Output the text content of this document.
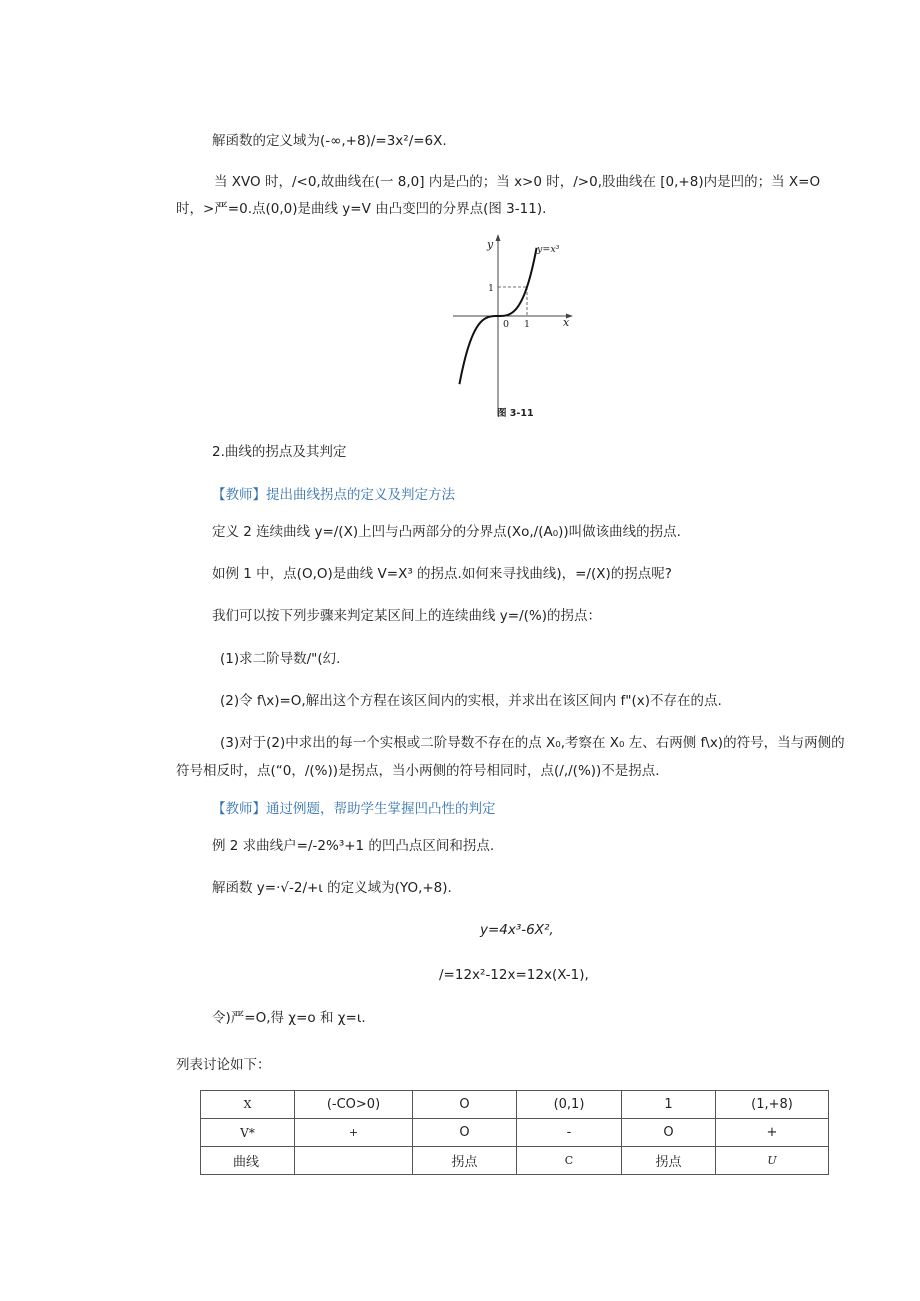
解函数的定义域为(-∞,+8)∕=3x²∕=6X.
当 XVO 时，/<0,故曲线在(一 8,0] 内是凸的；当 x>0 时，/>0,股曲线在 [0,+8)内是凹的；当 X=O
时，>严=0.点(0,0)是曲线 y=V 由凸变凹的分界点(图 3-11).
y
x
y=x³
1
0 1
图 3-11
2.曲线的拐点及其判定
【教师】提出曲线拐点的定义及判定方法
定义 2 连续曲线 y=/(X)上凹与凸两部分的分界点(Xo,/(A₀))叫做该曲线的拐点.
如例 1 中，点(O,O)是曲线 V=X³ 的拐点.如何来寻找曲线)，=/(X)的拐点呢?
我们可以按下列步骤来判定某区间上的连续曲线 y=/(%)的拐点：
(1)求二阶导数/"(幻.
(2)令 f\x)=O,解出这个方程在该区间内的实根，并求出在该区间内 f"(x)不存在的点.
(3)对于(2)中求出的每一个实根或二阶导数不存在的点 X₀,考察在 X₀ 左、右两侧 f\x)的符号，当与两侧的
符号相反时，点(“0，/(%))是拐点，当小两侧的符号相同时，点(/,/(%))不是拐点.
【教师】通过例题，帮助学生掌握凹凸性的判定
例 2 求曲线户=/-2%³+1 的凹凸点区间和拐点.
解函数 y=·√-2∕+ι 的定义域为(YO,+8).
y=4x³-6X²,
∕=12x²-12x=12x(X-1),
令)严=O,得 χ=o 和 χ=ι.
列表讨论如下：
X	(-CO>0)	O	(0,1)	1	(1,+8)
V*	+	O	-	O	+
曲线		拐点	C	拐点	U
